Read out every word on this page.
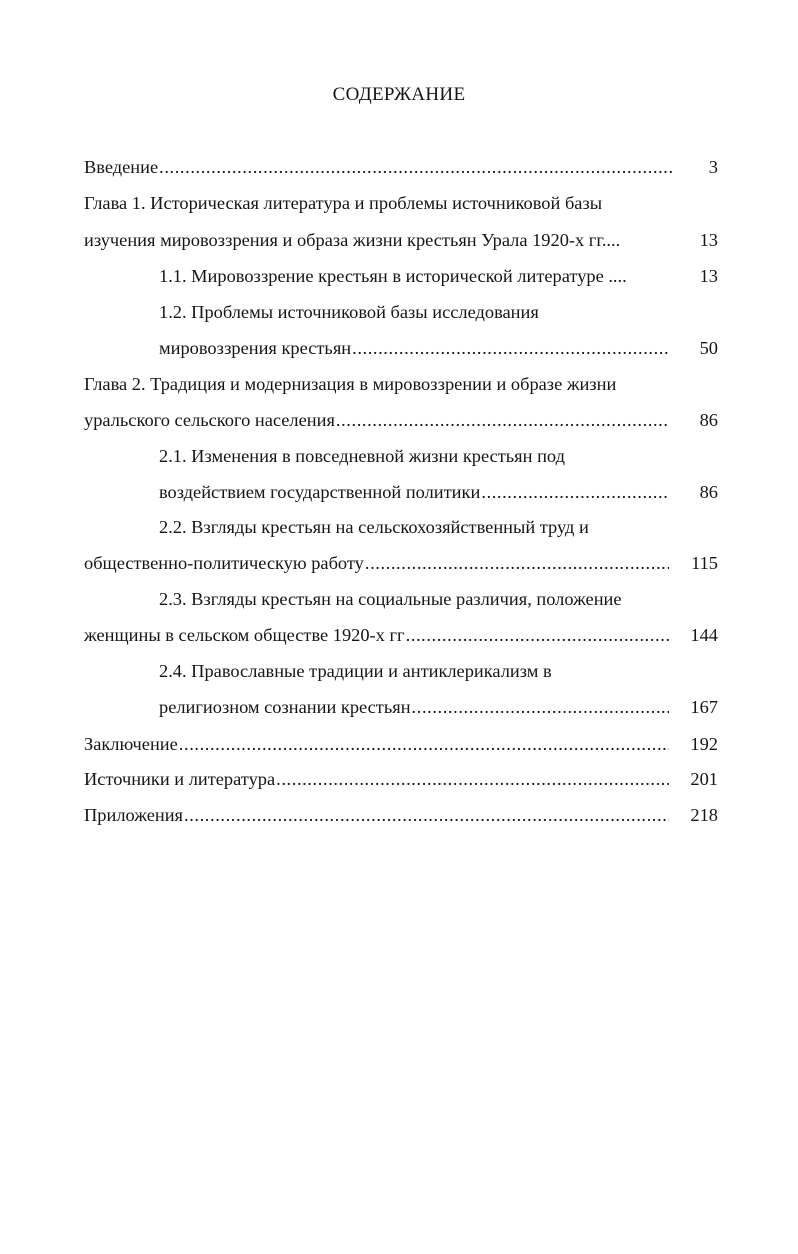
СОДЕРЖАНИЕ
Введение .....	3
Глава 1. Историческая литература и проблемы источниковой базы
изучения мировоззрения и образа жизни крестьян Урала 1920-х гг....	13
1.1. Мировоззрение крестьян в исторической литературе ....	13
1.2. Проблемы источниковой базы исследования
мировоззрения крестьян .....	50
Глава 2. Традиция и модернизация в мировоззрении и образе жизни
уральского сельского населения .....	86
2.1. Изменения в повседневной жизни крестьян под
воздействием государственной политики .....	86
2.2. Взгляды крестьян на сельскохозяйственный труд и
общественно-политическую работу .....	115
2.3. Взгляды крестьян на социальные различия, положение
женщины в сельском обществе 1920-х гг .....	144
2.4. Православные традиции и антиклерикализм в
религиозном сознании крестьян .....	167
Заключение .....	192
Источники и литература .....	201
Приложения .....	218
